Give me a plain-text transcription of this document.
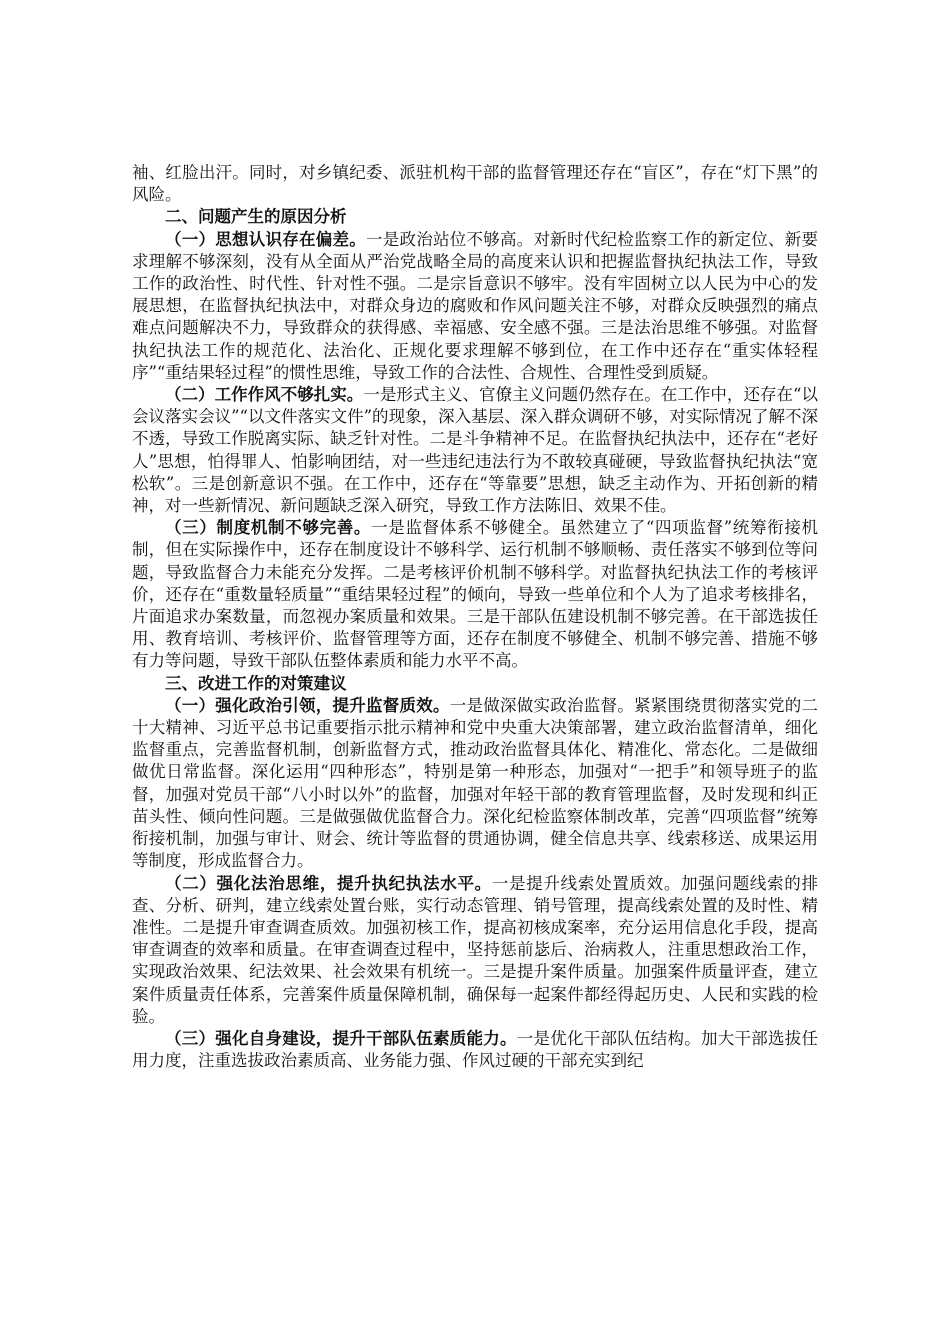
袖、红脸出汗。同时，对乡镇纪委、派驻机构干部的监督管理还存在“盲区”，存在“灯下黑”的风险。

二、问题产生的原因分析

（一）思想认识存在偏差。一是政治站位不够高。对新时代纪检监察工作的新定位、新要求理解不够深刻，没有从全面从严治党战略全局的高度来认识和把握监督执纪执法工作，导致工作的政治性、时代性、针对性不强。二是宗旨意识不够牢。没有牢固树立以人民为中心的发展思想，在监督执纪执法中，对群众身边的腐败和作风问题关注不够，对群众反映强烈的痛点难点问题解决不力，导致群众的获得感、幸福感、安全感不强。三是法治思维不够强。对监督执纪执法工作的规范化、法治化、正规化要求理解不够到位，在工作中还存在“重实体轻程序”“重结果轻过程”的惯性思维，导致工作的合法性、合规性、合理性受到质疑。

（二）工作作风不够扎实。一是形式主义、官僚主义问题仍然存在。在工作中，还存在“以会议落实会议”“以文件落实文件”的现象，深入基层、深入群众调研不够，对实际情况了解不深不透，导致工作脱离实际、缺乏针对性。二是斗争精神不足。在监督执纪执法中，还存在“老好人”思想，怕得罪人、怕影响团结，对一些违纪违法行为不敢较真碰硬，导致监督执纪执法“宽松软”。三是创新意识不强。在工作中，还存在“等靠要”思想，缺乏主动作为、开拓创新的精神，对一些新情况、新问题缺乏深入研究，导致工作方法陈旧、效果不佳。

（三）制度机制不够完善。一是监督体系不够健全。虽然建立了“四项监督”统筹衔接机制，但在实际操作中，还存在制度设计不够科学、运行机制不够顺畅、责任落实不够到位等问题，导致监督合力未能充分发挥。二是考核评价机制不够科学。对监督执纪执法工作的考核评价，还存在“重数量轻质量”“重结果轻过程”的倾向，导致一些单位和个人为了追求考核排名，片面追求办案数量，而忽视办案质量和效果。三是干部队伍建设机制不够完善。在干部选拔任用、教育培训、考核评价、监督管理等方面，还存在制度不够健全、机制不够完善、措施不够有力等问题，导致干部队伍整体素质和能力水平不高。

三、改进工作的对策建议

（一）强化政治引领，提升监督质效。一是做深做实政治监督。紧紧围绕贯彻落实党的二十大精神、习近平总书记重要指示批示精神和党中央重大决策部署，建立政治监督清单，细化监督重点，完善监督机制，创新监督方式，推动政治监督具体化、精准化、常态化。二是做细做优日常监督。深化运用“四种形态”，特别是第一种形态，加强对“一把手”和领导班子的监督，加强对党员干部“八小时以外”的监督，加强对年轻干部的教育管理监督，及时发现和纠正苗头性、倾向性问题。三是做强做优监督合力。深化纪检监察体制改革，完善“四项监督”统筹衔接机制，加强与审计、财会、统计等监督的贯通协调，健全信息共享、线索移送、成果运用等制度，形成监督合力。

（二）强化法治思维，提升执纪执法水平。一是提升线索处置质效。加强问题线索的排查、分析、研判，建立线索处置台账，实行动态管理、销号管理，提高线索处置的及时性、精准性。二是提升审查调查质效。加强初核工作，提高初核成案率，充分运用信息化手段，提高审查调查的效率和质量。在审查调查过程中，坚持惩前毖后、治病救人，注重思想政治工作，实现政治效果、纪法效果、社会效果有机统一。三是提升案件质量。加强案件质量评查，建立案件质量责任体系，完善案件质量保障机制，确保每一起案件都经得起历史、人民和实践的检验。

（三）强化自身建设，提升干部队伍素质能力。一是优化干部队伍结构。加大干部选拔任用力度，注重选拔政治素质高、业务能力强、作风过硬的干部充实到纪
